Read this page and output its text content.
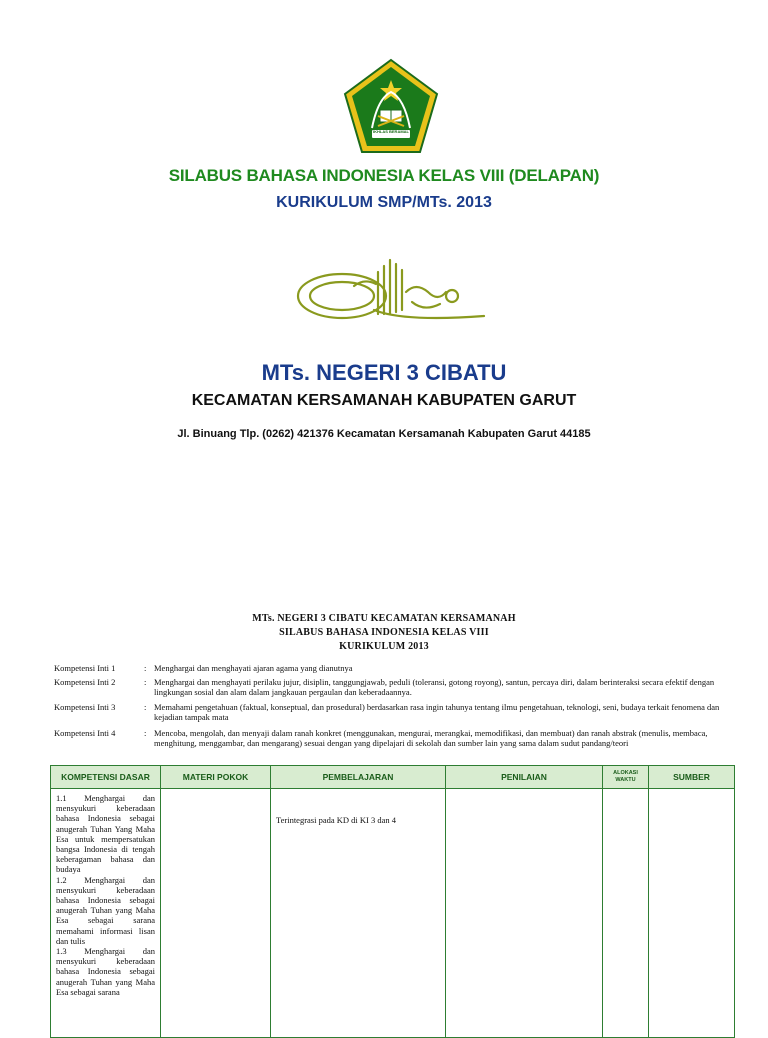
IKHLAS BERAMAL
SILABUS BAHASA INDONESIA KELAS VIII (DELAPAN)
KURIKULUM SMP/MTs. 2013
MTs. NEGERI 3 CIBATU
KECAMATAN KERSAMANAH KABUPATEN GARUT
Jl. Binuang Tlp. (0262) 421376 Kecamatan Kersamanah Kabupaten Garut 44185
MTs. NEGERI 3 CIBATU KECAMATAN KERSAMANAH
SILABUS BAHASA INDONESIA KELAS VIII
KURIKULUM 2013
Kompetensi Inti 1	: Menghargai dan menghayati ajaran agama yang dianutnya
Kompetensi Inti 2	: Menghargai dan menghayati perilaku jujur, disiplin, tanggungjawab, peduli (toleransi, gotong royong), santun, percaya diri, dalam berinteraksi secara efektif dengan lingkungan sosial dan alam dalam jangkauan pergaulan dan keberadaannya.
Kompetensi Inti 3	: Memahami pengetahuan (faktual, konseptual, dan prosedural) berdasarkan rasa ingin tahunya tentang ilmu pengetahuan, teknologi, seni, budaya terkait fenomena dan kejadian tampak mata
Kompetensi Inti 4	: Mencoba, mengolah, dan menyaji dalam ranah konkret (menggunakan, mengurai, merangkai, memodifikasi, dan membuat) dan ranah abstrak (menulis, membaca, menghitung, menggambar, dan mengarang) sesuai dengan yang dipelajari di sekolah dan sumber lain yang sama dalam sudut pandang/teori
KOMPETENSI DASAR	MATERI POKOK	PEMBELAJARAN	PENILAIAN	ALOKASI WAKTU	SUMBER

1.1 Menghargai dan mensyukuri keberadaan bahasa Indonesia sebagai anugerah Tuhan Yang Maha Esa untuk mempersatukan bangsa Indonesia di tengah keberagaman bahasa dan budaya
1.2 Menghargai dan mensyukuri keberadaan bahasa Indonesia sebagai anugerah Tuhan yang Maha Esa sebagai sarana memahami informasi lisan dan tulis
1.3 Menghargai dan mensyukuri keberadaan bahasa Indonesia sebagai anugerah Tuhan yang Maha Esa sebagai sarana		Terintegrasi pada KD di KI 3 dan 4			
